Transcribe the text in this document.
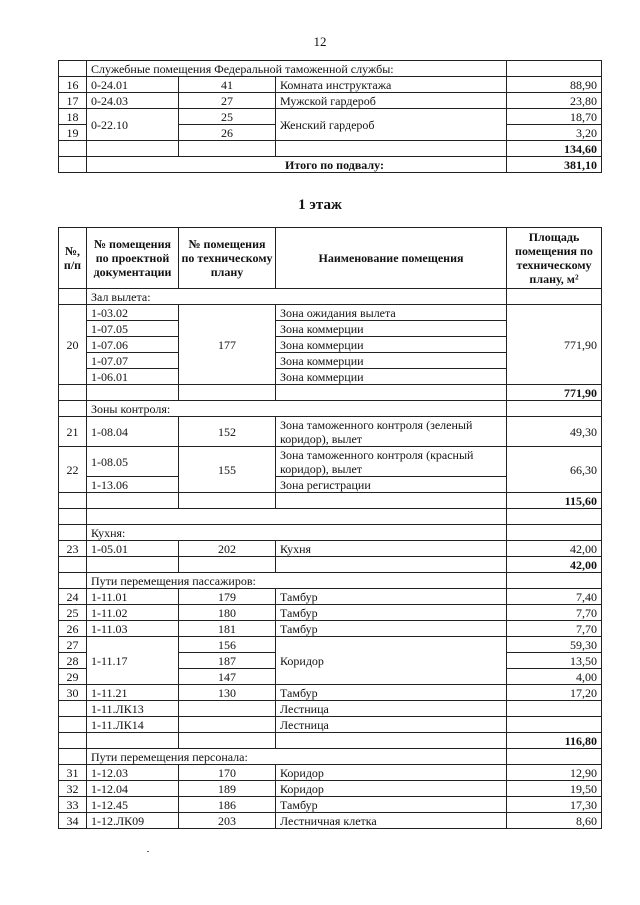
12
	Служебные помещения Федеральной таможенной службы:			
16	0-24.01	41	Комната инструктажа	88,90
17	0-24.03	27	Мужской гардероб	23,80
18	0-22.10	25	Женский гардероб	18,70
19		26		3,20
				134,60
	Итого по подвалу:			381,10
1 этаж
№, п/п	№ помещения по проектной документации	№ помещения по техническому плану	Наименование помещения	Площадь помещения по техническому плану, м²
	Зал вылета:			
20	1-03.02	177	Зона ожидания вылета	771,90
	1-07.05		Зона коммерции	
	1-07.06		Зона коммерции	
	1-07.07		Зона коммерции	
	1-06.01		Зона коммерции	
				771,90
	Зоны контроля:			
21	1-08.04	152	Зона таможенного контроля (зеленый
коридор), вылет	49,30
22	1-08.05	155	Зона таможенного контроля (красный
коридор), вылет	66,30
	1-13.06		Зона регистрации	
				115,60

	Кухня:			
23	1-05.01	202	Кухня	42,00
				42,00
	Пути перемещения пассажиров:			
24	1-11.01	179	Тамбур	7,40
25	1-11.02	180	Тамбур	7,70
26	1-11.03	181	Тамбур	7,70
27	1-11.17	156	Коридор	59,30
28		187		13,50
29		147		4,00
30	1-11.21	130	Тамбур	17,20
	1-11.ЛК13		Лестница	
	1-11.ЛК14		Лестница	
				116,80
	Пути перемещения персонала:			
31	1-12.03	170	Коридор	12,90
32	1-12.04	189	Коридор	19,50
33	1-12.45	186	Тамбур	17,30
34	1-12.ЛК09	203	Лестничная клетка	8,60
